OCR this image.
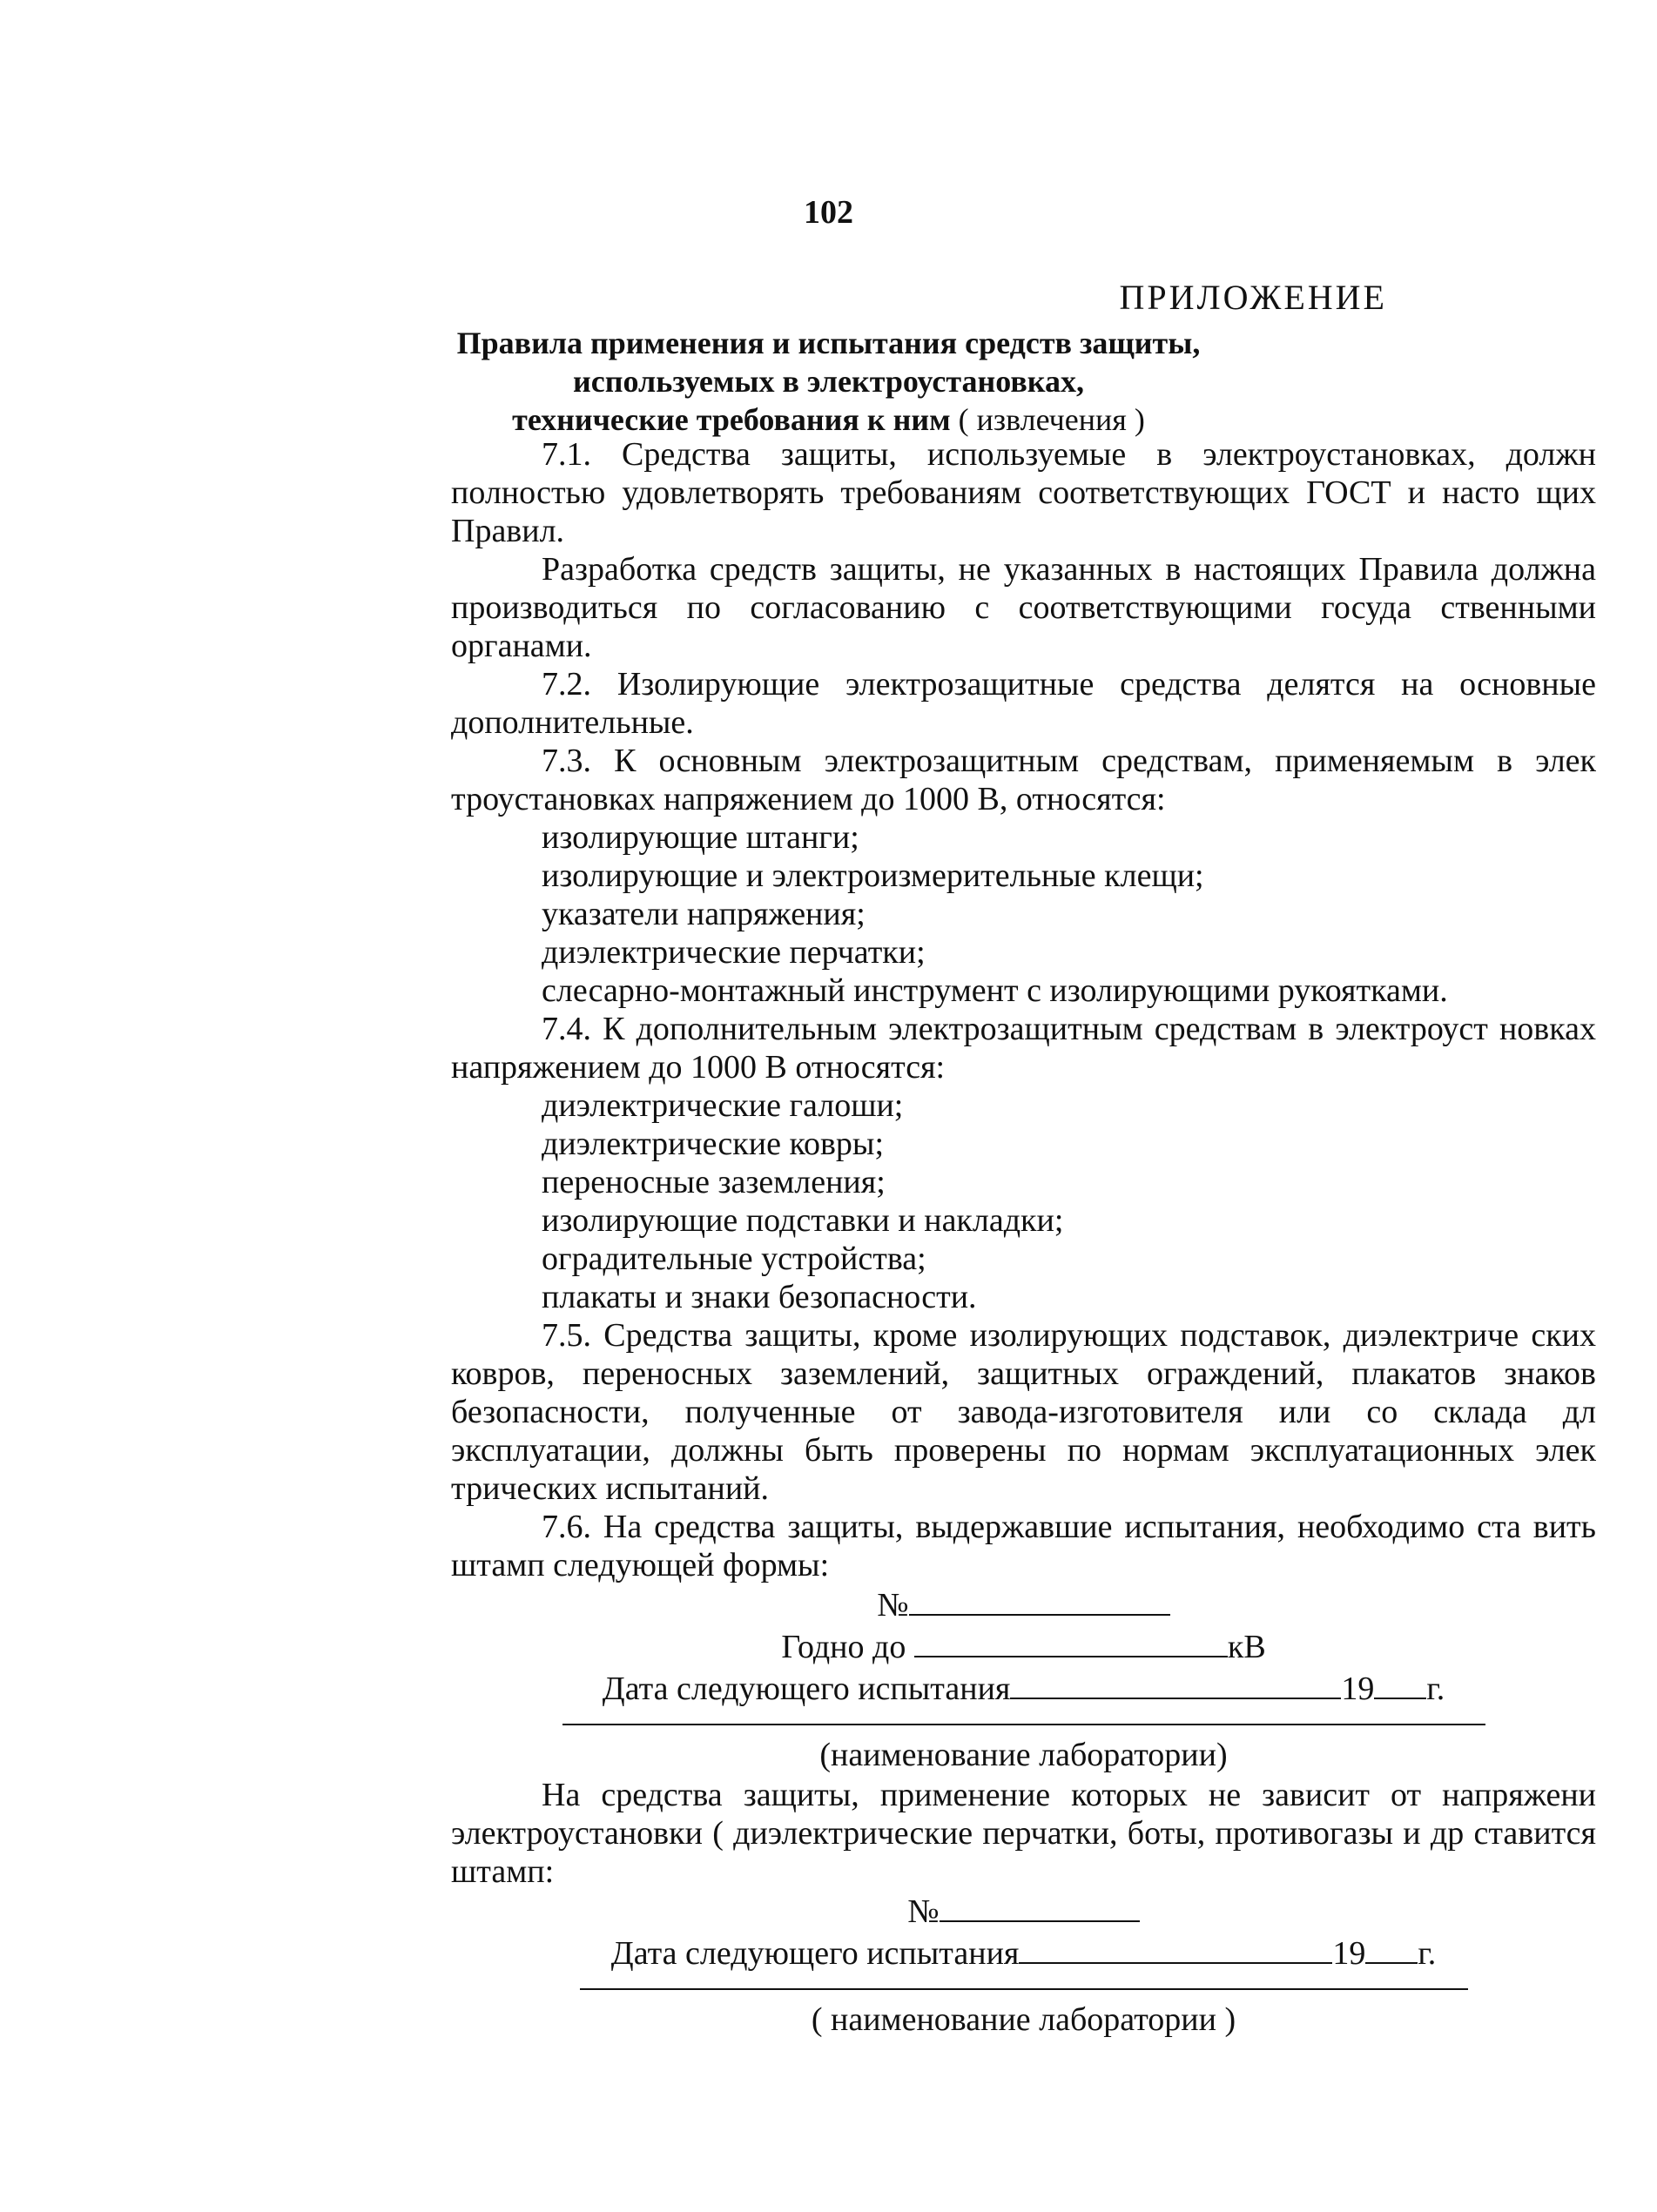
102
ПРИЛОЖЕНИЕ
Правила применения и испытания средств защиты,
используемых в электроустановках,
технические требования к ним ( извлечения )

7.1. Средства защиты, используемые в электроустановках, должн полностью удовлетворять требованиям соответствующих ГОСТ и насто щих Правил.

Разработка средств защиты, не указанных в настоящих Правила должна производиться по согласованию с соответствующими госуда ственными органами.

7.2. Изолирующие электрозащитные средства делятся на основные дополнительные.

7.3. К основным электрозащитным средствам, применяемым в элек троустановках напряжением до 1000 В, относятся:

изолирующие штанги;
изолирующие и электроизмерительные клещи;
указатели напряжения;
диэлектрические перчатки;
слесарно-монтажный инструмент с изолирующими рукоятками.

7.4. К дополнительным электрозащитным средствам в электроуст новках напряжением до 1000 В относятся:

диэлектрические галоши;
диэлектрические ковры;
переносные заземления;
изолирующие подставки и накладки;
оградительные устройства;
плакаты и знаки безопасности.

7.5. Средства защиты, кроме изолирующих подставок, диэлектриче ских ковров, переносных заземлений, защитных ограждений, плакатов знаков безопасности, полученные от завода-изготовителя или со склада дл эксплуатации, должны быть проверены по нормам эксплуатационных элек трических испытаний.

7.6. На средства защиты, выдержавшие испытания, необходимо ста вить штамп следующей формы:

№
Годно до	кВ
Дата следующего испытания	19 г.
(наименование лаборатории)

На средства защиты, применение которых не зависит от напряжени электроустановки ( диэлектрические перчатки, боты, противогазы и др ставится штамп:

№
Дата следующего испытания	19 г.
( наименование лаборатории )
